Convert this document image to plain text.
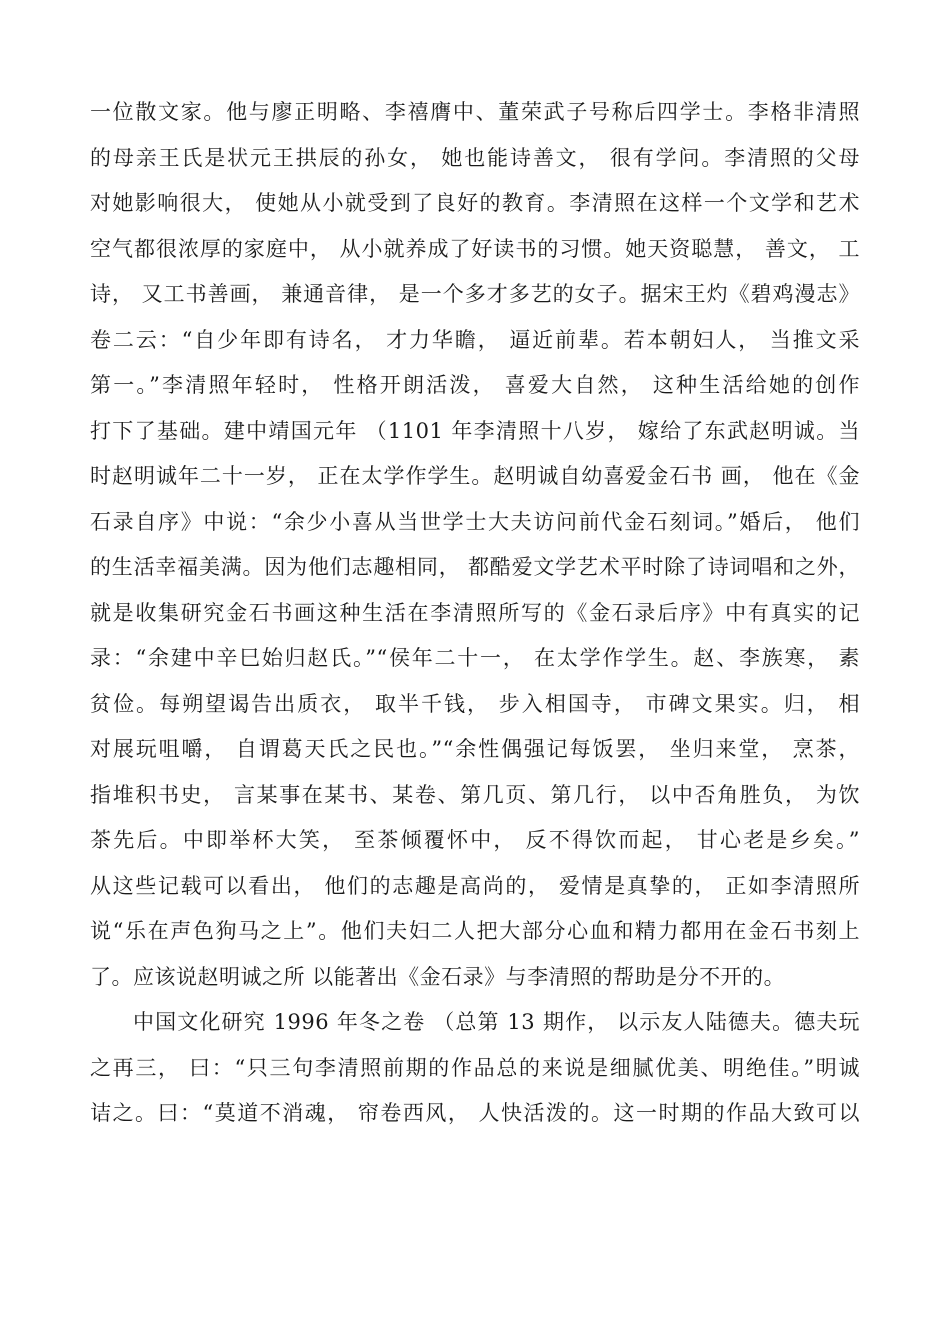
一位散文家。他与廖正明略、李禧膺中、董荣武子号称后四学士。李格非清照
的母亲王氏是状元王拱辰的孙女， 她也能诗善文， 很有学问。李清照的父母
对她影响很大， 使她从小就受到了良好的教育。李清照在这样一个文学和艺术
空气都很浓厚的家庭中， 从小就养成了好读书的习惯。她天资聪慧， 善文， 工
诗， 又工书善画， 兼通音律， 是一个多才多艺的女子。据宋王灼《碧鸡漫志》
卷二云：“自少年即有诗名， 才力华瞻， 逼近前辈。若本朝妇人， 当推文采
第一。”李清照年轻时， 性格开朗活泼， 喜爱大自然， 这种生活给她的创作
打下了基础。建中靖国元年 （1101 年李清照十八岁， 嫁给了东武赵明诚。当
时赵明诚年二十一岁， 正在太学作学生。赵明诚自幼喜爱金石书 画， 他在《金
石录自序》中说：“余少小喜从当世学士大夫访问前代金石刻词。”婚后， 他们
的生活幸福美满。因为他们志趣相同， 都酷爱文学艺术平时除了诗词唱和之外，
就是收集研究金石书画这种生活在李清照所写的《金石录后序》中有真实的记
录：“余建中辛巳始归赵氏。”“侯年二十一， 在太学作学生。赵、李族寒， 素
贫俭。每朔望谒告出质衣， 取半千钱， 步入相国寺， 市碑文果实。归， 相
对展玩咀嚼， 自谓葛天氏之民也。”“余性偶强记每饭罢， 坐归来堂， 烹茶，
指堆积书史， 言某事在某书、某卷、第几页、第几行， 以中否角胜负， 为饮
茶先后。中即举杯大笑， 至茶倾覆怀中， 反不得饮而起， 甘心老是乡矣。”
从这些记载可以看出， 他们的志趣是高尚的， 爱情是真挚的， 正如李清照所
说“乐在声色狗马之上”。他们夫妇二人把大部分心血和精力都用在金石书刻上
了。应该说赵明诚之所 以能著出《金石录》与李清照的帮助是分不开的。
中国文化研究 1996 年冬之卷 （总第 13 期作， 以示友人陆德夫。德夫玩
之再三， 曰：“只三句李清照前期的作品总的来说是细腻优美、明绝佳。”明诚
诘之。曰：“莫道不消魂， 帘卷西风， 人快活泼的。这一时期的作品大致可以
